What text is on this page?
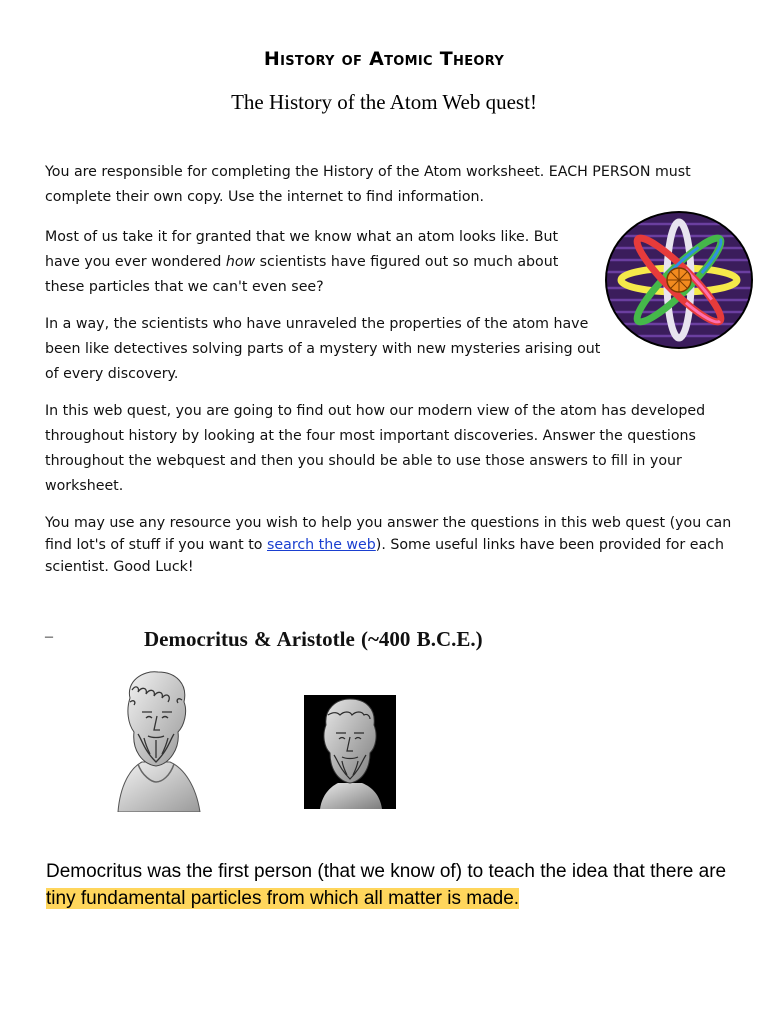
History of Atomic Theory
The History of the Atom Web quest!

You are responsible for completing the History of the Atom worksheet. EACH PERSON must complete their own copy. Use the internet to find information.

Most of us take it for granted that we know what an atom looks like. But have you ever wondered how scientists have figured out so much about these particles that we can't even see?

In a way, the scientists who have unraveled the properties of the atom have been like detectives solving parts of a mystery with new mysteries arising out of every discovery.

In this web quest, you are going to find out how our modern view of the atom has developed throughout history by looking at the four most important discoveries. Answer the questions throughout the webquest and then you should be able to use those answers to fill in your worksheet.

You may use any resource you wish to help you answer the questions in this web quest (you can find lot's of stuff if you want to search the web). Some useful links have been provided for each scientist. Good Luck!

–	Democritus & Aristotle (~400 B.C.E.)

Democritus was the first person (that we know of) to teach the idea that there are tiny fundamental particles from which all matter is made.
